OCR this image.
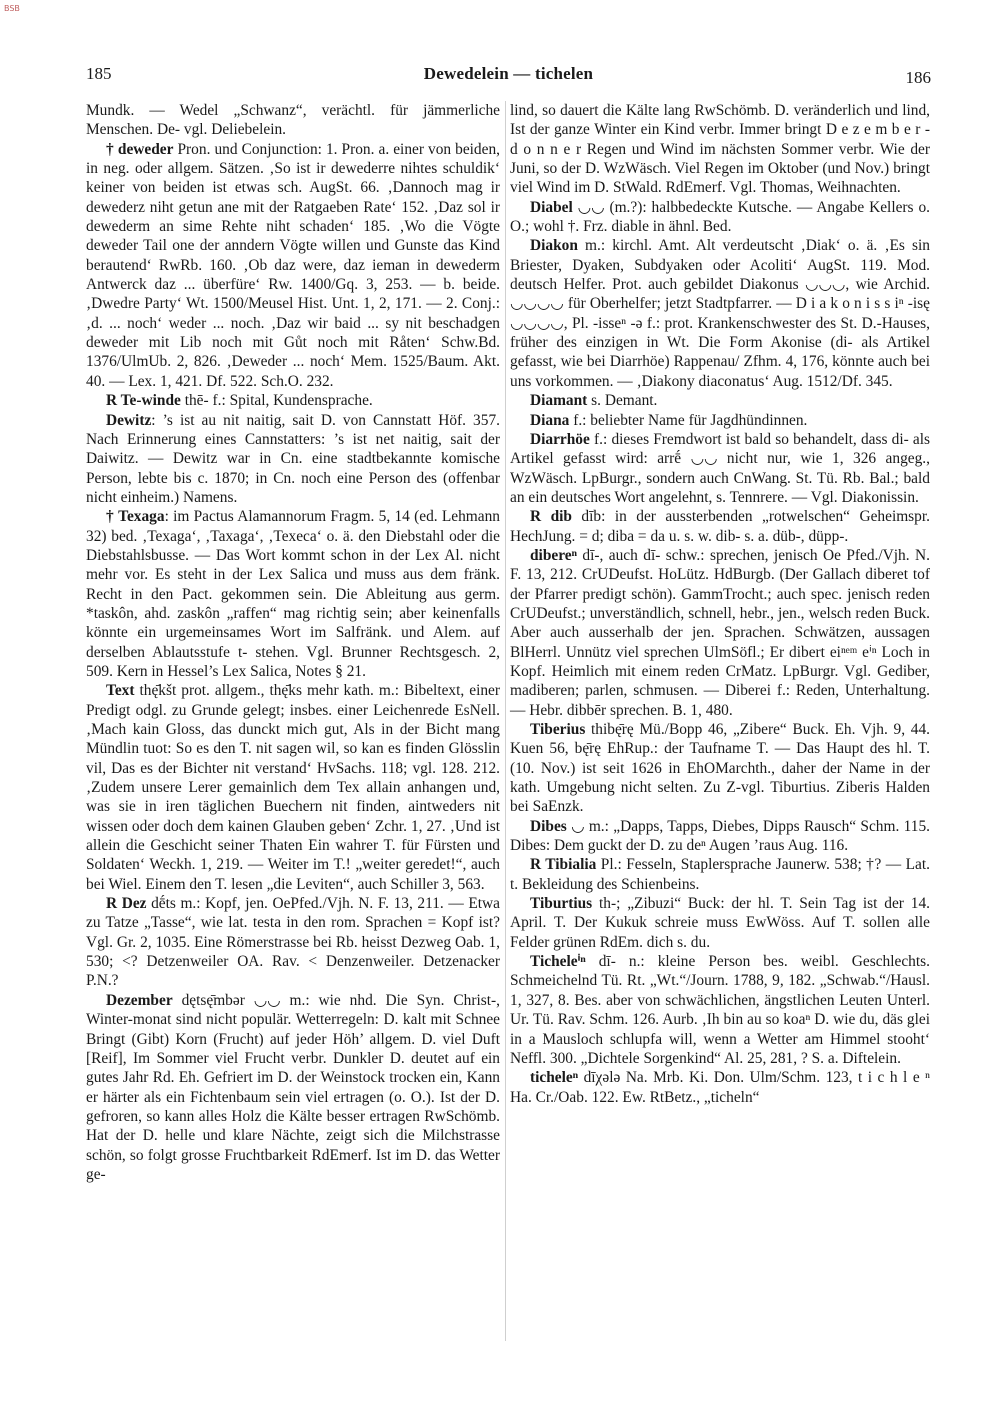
BSB
185	Dewedelein — tichelen	186

Mundk. — Wedel „Schwanz“, verächtl. für jämmerliche Menschen. De- vgl. Deliebelein.

† deweder Pron. und Conjunction: 1. Pron. a. einer von beiden, in neg. oder allgem. Sätzen. ‚So ist ir dewederre nihtes schuldik‘ keiner von beiden ist etwas sch. AugSt. 66. ‚Dannoch mag ir dewederz niht getun ane mit der Ratgaeben Rate‘ 152. ‚Daz sol ir dewederm an sime Rehte niht schaden‘ 185. ‚Wo die Vögte deweder Tail one der anndern Vögte willen und Gunste das Kind berautend‘ RwRb. 160. ‚Ob daz were, daz ieman in dewederm Antwerck daz ... überfüre‘ Rw. 1400/Gq. 3, 253. — b. beide. ‚Dwedre Party‘ Wt. 1500/Meusel Hist. Unt. 1, 2, 171. — 2. Conj.: ‚d. ... noch‘ weder ... noch. ‚Daz wir baid ... sy nit beschadgen deweder mit Lib noch mit Gůt noch mit Råten‘ Schw.Bd. 1376/UlmUb. 2, 826. ‚Deweder ... noch‘ Mem. 1525/Baum. Akt. 40. — Lex. 1, 421. Df. 522. Sch.O. 232.

R Te-winde thē- f.: Spital, Kundensprache.

Dewitz: ’s ist au nit naitig, sait D. von Cannstatt Höf. 357. Nach Erinnerung eines Cannstatters: ’s ist net naitig, sait der Daiwitz. — Dewitz war in Cn. eine stadtbekannte komische Person, lebte bis c. 1870; in Cn. noch eine Person des (offenbar nicht einheim.) Namens.

† Texaga: im Pactus Alamannorum Fragm. 5, 14 (ed. Lehmann 32) bed. ‚Texaga‘, ‚Taxaga‘, ‚Texeca‘ o. ä. den Diebstahl oder die Diebstahlsbusse. — Das Wort kommt schon in der Lex Al. nicht mehr vor. Es steht in der Lex Salica und muss aus dem fränk. Recht in den Pact. gekommen sein. Die Ableitung aus germ. *taskôn, ahd. zaskôn „raffen“ mag richtig sein; aber keinenfalls könnte ein urgemeinsames Wort im Salfränk. und Alem. auf derselben Ablautsstufe t- stehen. Vgl. Brunner Rechtsgesch. 2, 509. Kern in Hessel’s Lex Salica, Notes § 21.

Text thę̄kšt prot. allgem., thę̄ks mehr kath. m.: Bibeltext, einer Predigt odgl. zu Grunde gelegt; insbes. einer Leichenrede EsNell. ‚Mach kain Gloss, das dunckt mich gut, Als in der Bicht mang Mündlin tuot: So es den T. nit sagen wil, so kan es finden Glösslin vil, Das es der Bichter nit verstand‘ HvSachs. 118; vgl. 128. 212. ‚Zudem unsere Lerer gemainlich dem Tex allain anhangen und, was sie in iren täglichen Buechern nit finden, aintweders nit wissen oder doch dem kainen Glauben geben‘ Zchr. 1, 27. ‚Und ist allein die Geschicht seiner Thaten Ein wahrer T. für Fürsten und Soldaten‘ Weckh. 1, 219. — Weiter im T.! „weiter geredet!“, auch bei Wiel. Einem den T. lesen „die Leviten“, auch Schiller 3, 563.

R Dez dḗts m.: Kopf, jen. OePfed./Vjh. N. F. 13, 211. — Etwa zu Tatze „Tasse“, wie lat. testa in den rom. Sprachen = Kopf ist? Vgl. Gr. 2, 1035. Eine Römerstrasse bei Rb. heisst Dezweg Oab. 1, 530; <? Detzenweiler OA. Rav. < Denzenweiler. Detzenacker P.N.?

Dezember dętsę̄mbər ◡◡ m.: wie nhd. Die Syn. Christ-, Winter-monat sind nicht populär. Wetterregeln: D. kalt mit Schnee Bringt (Gibt) Korn (Frucht) auf jeder Höh’ allgem. D. viel Duft [Reif], Im Sommer viel Frucht verbr. Dunkler D. deutet auf ein gutes Jahr Rd. Eh. Gefriert im D. der Weinstock trocken ein, Kann er härter als ein Fichtenbaum sein viel ertragen (o. O.). Ist der D. gefroren, so kann alles Holz die Kälte besser ertragen RwSchömb. Hat der D. helle und klare Nächte, zeigt sich die Milchstrasse schön, so folgt grosse Fruchtbarkeit RdEmerf. Ist im D. das Wetter ge-

lind, so dauert die Kälte lang RwSchömb. D. veränderlich und lind, Ist der ganze Winter ein Kind verbr. Immer bringt D e z e m b e r - d o n n e r Regen und Wind im nächsten Sommer verbr. Wie der Juni, so der D. WzWäsch. Viel Regen im Oktober (und Nov.) bringt viel Wind im D. StWald. RdEmerf. Vgl. Thomas, Weihnachten.

Diabel ◡◡ (m.?): halbbedeckte Kutsche. — Angabe Kellers o. O.; wohl †. Frz. diable in ähnl. Bed.

Diakon m.: kirchl. Amt. Alt verdeutscht ‚Diak‘ o. ä. ‚Es sin Briester, Dyaken, Subdyaken oder Acoliti‘ AugSt. 119. Mod. deutsch Helfer. Prot. auch gebildet Diakonus ◡◡◡, wie Archid. ◡◡◡◡ für Oberhelfer; jetzt Stadtpfarrer. — D i a k o n i s s iⁿ -isę ◡◡◡◡, Pl. -isseⁿ -ə f.: prot. Krankenschwester des St. D.-Hauses, früher des einzigen in Wt. Die Form Akonise (di- als Artikel gefasst, wie bei Diarrhöe) Rappenau/ Zfhm. 4, 176, könnte auch bei uns vorkommen. — ‚Diakony diaconatus‘ Aug. 1512/Df. 345.

Diamant s. Demant.

Diana f.: beliebter Name für Jagdhündinnen.

Diarrhöe f.: dieses Fremdwort ist bald so behandelt, dass di- als Artikel gefasst wird: arrḗ ◡◡ nicht nur, wie 1, 326 angeg., WzWäsch. LpBurgr., sondern auch CnWang. St. Tü. Rb. Bal.; bald an ein deutsches Wort angelehnt, s. Tennrere. — Vgl. Diakonissin.

R dib dīb: in der aussterbenden „rotwelschen“ Geheimspr. HechJung. = d; diba = da u. s. w. dib- s. a. düb-, düpp-.

dibereⁿ dī-, auch dī- schw.: sprechen, jenisch Oe Pfed./Vjh. N. F. 13, 212. CrUDeufst. HoLütz. HdBurgb. (Der Gallach diberet tof der Pfarrer predigt schön). GammTrocht.; auch spec. jenisch reden CrUDeufst.; unverständlich, schnell, hebr., jen., welsch reden Buck. Aber auch ausserhalb der jen. Sprachen. Schwätzen, aussagen BlHerrl. Unnütz viel sprechen UlmSöfl.; Er dibert eiⁿᵉᵐ eⁱⁿ Loch in Kopf. Heimlich mit einem reden CrMatz. LpBurgr. Vgl. Gediber, madiberen; parlen, schmusen. — Diberei f.: Reden, Unterhaltung. — Hebr. dibbēr sprechen. B. 1, 480.

Tiberius thibę̄rę Mü./Bopp 46, „Zibere“ Buck. Eh. Vjh. 9, 44. Kuen 56, bę̄rę EhRup.: der Taufname T. — Das Haupt des hl. T. (10. Nov.) ist seit 1626 in EhOMarchth., daher der Name in der kath. Umgebung nicht selten. Zu Z-vgl. Tiburtius. Ziberis Halden bei SaEnzk.

Dibes ◡ m.: „Dapps, Tapps, Diebes, Dipps Rausch“ Schm. 115. Dibes: Dem guckt der D. zu deⁿ Augen ’raus Aug. 116.

R Tibialia Pl.: Fesseln, Staplersprache Jaunerw. 538; †? — Lat. t. Bekleidung des Schienbeins.

Tiburtius th-; „Zibuzi“ Buck: der hl. T. Sein Tag ist der 14. April. T. Der Kukuk schreie muss EwWöss. Auf T. sollen alle Felder grünen RdEm. dich s. du.

Ticheleⁱⁿ dī- n.: kleine Person bes. weibl. Geschlechts. Schmeichelnd Tü. Rt. „Wt.“/Journ. 1788, 9, 182. „Schwab.“/Hausl. 1, 327, 8. Bes. aber von schwächlichen, ängstlichen Leuten Unterl. Ur. Tü. Rav. Schm. 126. Aurb. ‚Ih bin au so koaⁿ D. wie du, däs glei in a Mausloch schlupfa will, wenn a Wetter am Himmel stooht‘ Neffl. 300. „Dichtele Sorgenkind“ Al. 25, 281, ? S. a. Diftelein.

ticheleⁿ dīχələ Na. Mrb. Ki. Don. Ulm/Schm. 123, t i c h l e ⁿ Ha. Cr./Oab. 122. Ew. RtBetz., „ticheln“
